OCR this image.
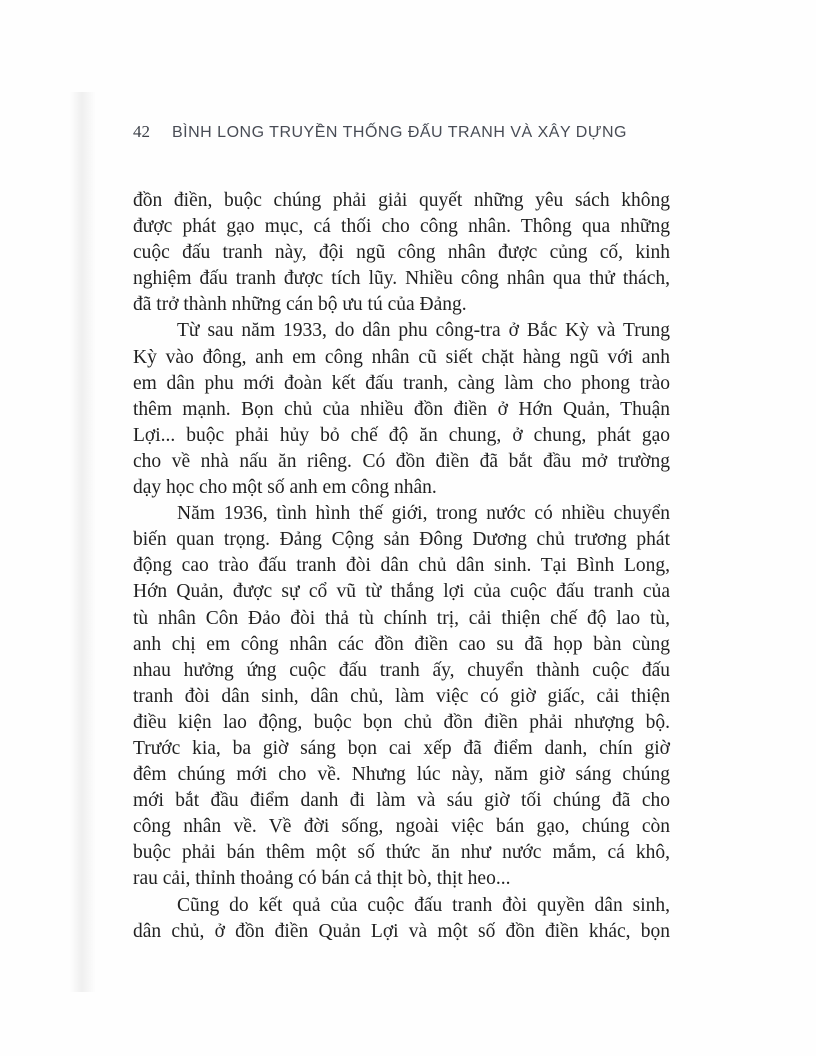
42 BÌNH LONG TRUYỀN THỐNG ĐẤU TRANH VÀ XÂY DỰNG

đồn điền, buộc chúng phải giải quyết những yêu sách không
được phát gạo mục, cá thối cho công nhân. Thông qua những
cuộc đấu tranh này, đội ngũ công nhân được củng cố, kinh
nghiệm đấu tranh được tích lũy. Nhiều công nhân qua thử thách,
đã trở thành những cán bộ ưu tú của Đảng.

Từ sau năm 1933, do dân phu công-tra ở Bắc Kỳ và Trung
Kỳ vào đông, anh em công nhân cũ siết chặt hàng ngũ với anh
em dân phu mới đoàn kết đấu tranh, càng làm cho phong trào
thêm mạnh. Bọn chủ của nhiều đồn điền ở Hớn Quản, Thuận
Lợi... buộc phải hủy bỏ chế độ ăn chung, ở chung, phát gạo
cho về nhà nấu ăn riêng. Có đồn điền đã bắt đầu mở trường
dạy học cho một số anh em công nhân.

Năm 1936, tình hình thế giới, trong nước có nhiều chuyển
biến quan trọng. Đảng Cộng sản Đông Dương chủ trương phát
động cao trào đấu tranh đòi dân chủ dân sinh. Tại Bình Long,
Hớn Quản, được sự cổ vũ từ thắng lợi của cuộc đấu tranh của
tù nhân Côn Đảo đòi thả tù chính trị, cải thiện chế độ lao tù,
anh chị em công nhân các đồn điền cao su đã họp bàn cùng
nhau hưởng ứng cuộc đấu tranh ấy, chuyển thành cuộc đấu
tranh đòi dân sinh, dân chủ, làm việc có giờ giấc, cải thiện
điều kiện lao động, buộc bọn chủ đồn điền phải nhượng bộ.
Trước kia, ba giờ sáng bọn cai xếp đã điểm danh, chín giờ
đêm chúng mới cho về. Nhưng lúc này, năm giờ sáng chúng
mới bắt đầu điểm danh đi làm và sáu giờ tối chúng đã cho
công nhân về. Về đời sống, ngoài việc bán gạo, chúng còn
buộc phải bán thêm một số thức ăn như nước mắm, cá khô,
rau cải, thỉnh thoảng có bán cả thịt bò, thịt heo...

Cũng do kết quả của cuộc đấu tranh đòi quyền dân sinh,
dân chủ, ở đồn điền Quản Lợi và một số đồn điền khác, bọn
